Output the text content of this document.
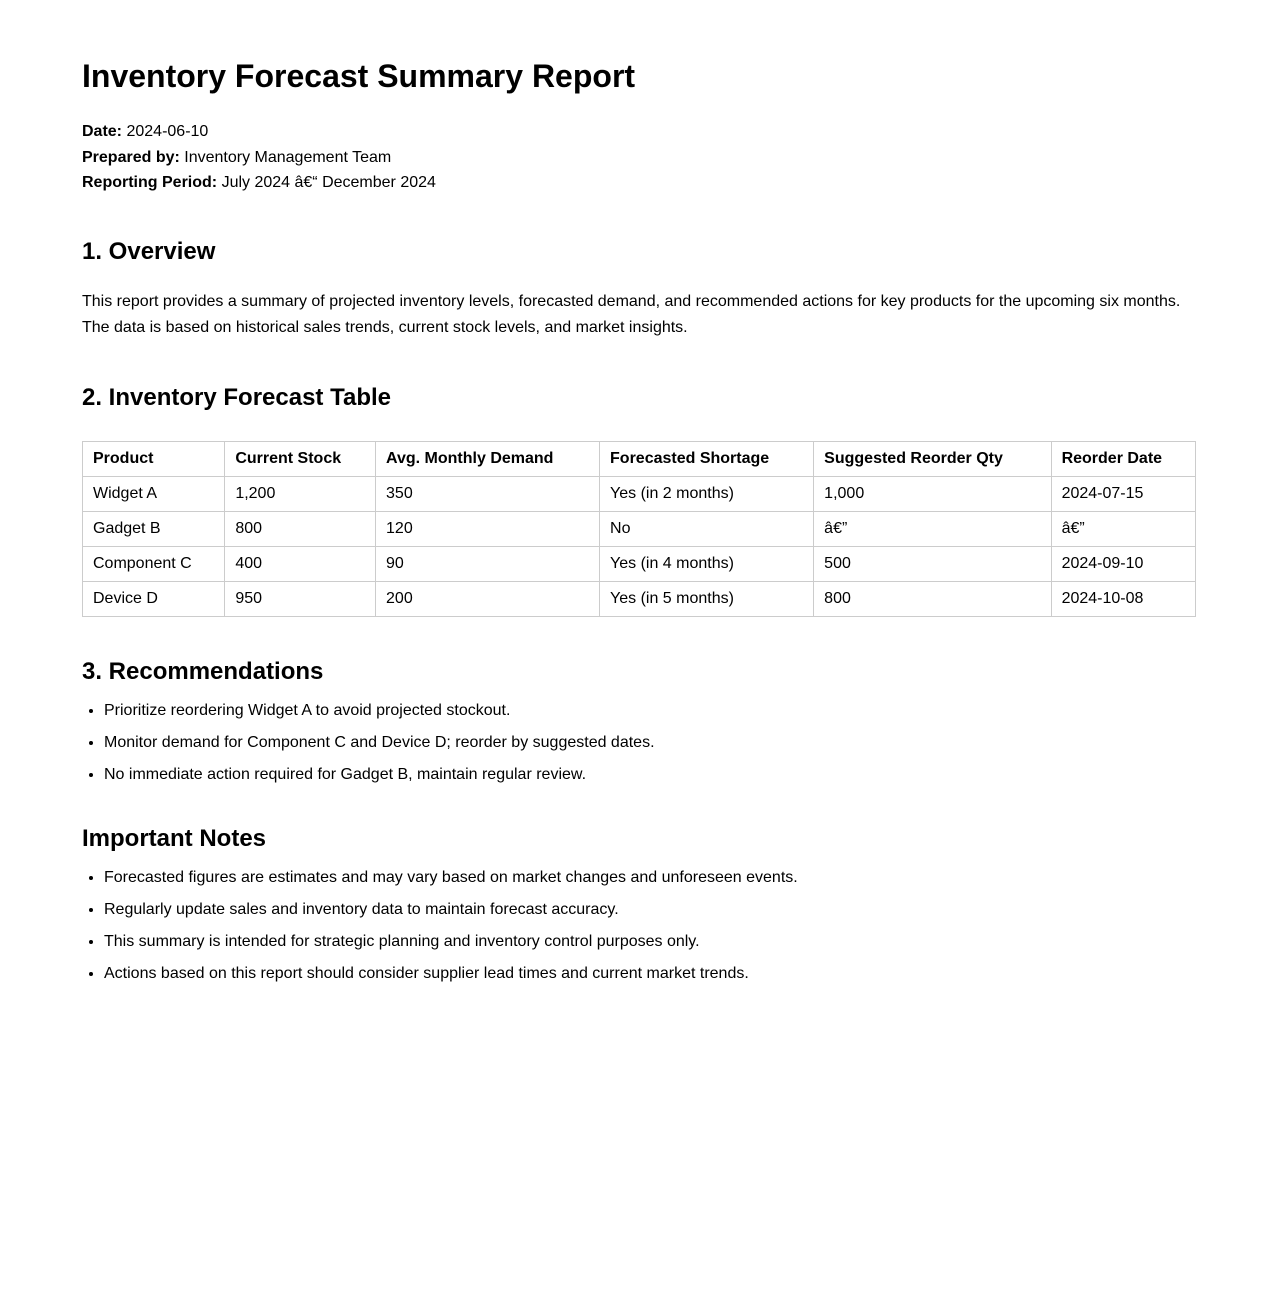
Inventory Forecast Summary Report
Date: 2024-06-10
Prepared by: Inventory Management Team
Reporting Period: July 2024 â€“ December 2024
1. Overview
This report provides a summary of projected inventory levels, forecasted demand, and recommended actions for key products for the upcoming six months. The data is based on historical sales trends, current stock levels, and market insights.
2. Inventory Forecast Table
Product	Current Stock	Avg. Monthly Demand	Forecasted Shortage	Suggested Reorder Qty	Reorder Date
Widget A	1,200	350	Yes (in 2 months)	1,000	2024-07-15
Gadget B	800	120	No	â€”	â€”
Component C	400	90	Yes (in 4 months)	500	2024-09-10
Device D	950	200	Yes (in 5 months)	800	2024-10-08
3. Recommendations
• Prioritize reordering Widget A to avoid projected stockout.
• Monitor demand for Component C and Device D; reorder by suggested dates.
• No immediate action required for Gadget B, maintain regular review.
Important Notes
• Forecasted figures are estimates and may vary based on market changes and unforeseen events.
• Regularly update sales and inventory data to maintain forecast accuracy.
• This summary is intended for strategic planning and inventory control purposes only.
• Actions based on this report should consider supplier lead times and current market trends.
